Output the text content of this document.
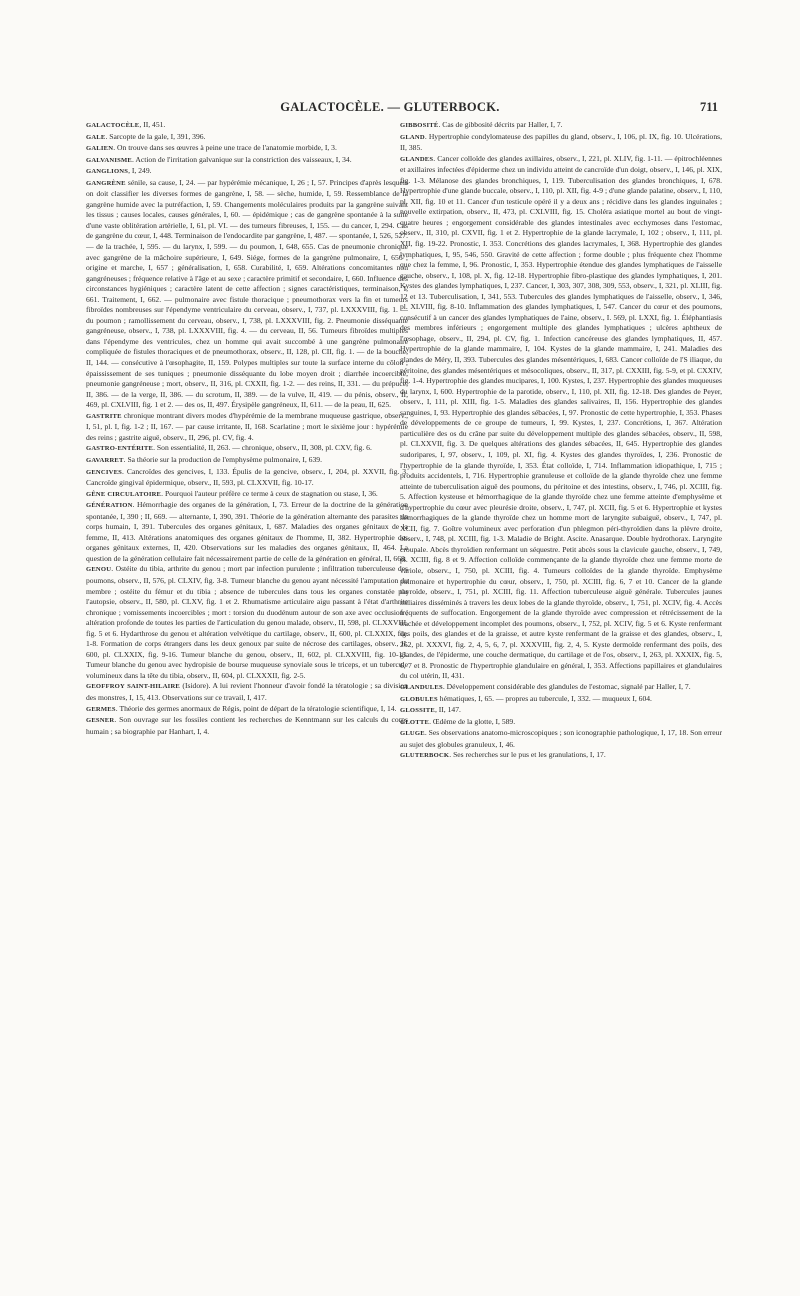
GALACTOCÈLE. — GLUTERBOCK.	711

GALACTOCÈLE, II, 451.

GALE. Sarcopte de la gale, I, 391, 396.

GALIEN. On trouve dans ses œuvres à peine une trace de l'anatomie morbide, I, 3.

GALVANISME. Action de l'irritation galvanique sur la constriction des vaisseaux, I, 34.

GANGLIONS, I, 249.

GANGRÈNE sénile, sa cause, I, 24. — par hypérémie mécanique, I, 26 ; I, 57. Principes d'après lesquels on doit classifier les diverses formes de gangrène, I, 58. — sèche, humide, I, 59. Ressemblance de la gangrène humide avec la putréfaction, I, 59. Changements moléculaires produits par la gangrène suivant les tissus ; causes locales, causes générales, I, 60. — épidémique ; cas de gangrène spontanée à la suite d'une vaste oblitération artérielle, I, 61, pl. VI. — des tumeurs fibreuses, I, 155. — du cancer, I, 294. Cas de gangrène du cœur, I, 448. Terminaison de l'endocardite par gangrène, I, 487. — spontanée, I, 526, 527. — de la trachée, I, 595. — du larynx, I, 599. — du poumon, I, 648, 655. Cas de pneumonie chronique avec gangrène de la mâchoire supérieure, I, 649. Siége, formes de la gangrène pulmonaire, I, 656 ; origine et marche, I, 657 ; généralisation, I, 658. Curabilité, I, 659. Altérations concomitantes non gangréneuses ; fréquence relative à l'âge et au sexe ; caractère primitif et secondaire, I, 660. Influence des circonstances hygiéniques ; caractère latent de cette affection ; signes caractéristiques, terminaison, I, 661. Traitement, I, 662. — pulmonaire avec fistule thoracique ; pneumothorax vers la fin et tumeurs fibroïdes nombreuses sur l'épendyme ventriculaire du cerveau, observ., I, 737, pl. LXXXVIII, fig. 1. — du poumon ; ramollissement du cerveau, observ., I, 738, pl. LXXXVIII, fig. 2. Pneumonie disséquante gangréneuse, observ., I, 738, pl. LXXXVIII, fig. 4. — du cerveau, II, 56. Tumeurs fibroïdes multiples dans l'épendyme des ventricules, chez un homme qui avait succombé à une gangrène pulmonaire compliquée de fistules thoraciques et de pneumothorax, observ., II, 128, pl. CII, fig. 1. — de la bouche, II, 144. — consécutive à l'œsophagite, II, 159. Polypes multiples sur toute la surface interne du côlon ; épaississement de ses tuniques ; pneumonie disséquante du lobe moyen droit ; diarrhée incoercible, pneumonie gangréneuse ; mort, observ., II, 316, pl. CXXII, fig. 1-2. — des reins, II, 331. — du prépuce, II, 386. — de la verge, II, 386. — du scrotum, II, 389. — de la vulve, II, 419. — du pénis, observ., II, 469, pl. CXLVIII, fig. 1 et 2. — des os, II, 497. Érysipèle gangréneux, II, 611. — de la peau, II, 625.

GASTRITE chronique montrant divers modes d'hypérémie de la membrane muqueuse gastrique, observ., I, 51, pl. I, fig. 1-2 ; II, 167. — par cause irritante, II, 168. Scarlatine ; mort le sixième jour : hypérémie des reins ; gastrite aiguë, observ., II, 296, pl. CV, fig. 4.

GASTRO-ENTÉRITE. Son essentialité, II, 263. — chronique, observ., II, 308, pl. CXV, fig. 6.

GAVARRET. Sa théorie sur la production de l'emphysème pulmonaire, I, 639.

GENCIVES. Cancroïdes des gencives, I, 133. Épulis de la gencive, observ., I, 204, pl. XXVII, fig. 3. Cancroïde gingival épidermique, observ., II, 593, pl. CLXXVII, fig. 10-17.

GÊNE CIRCULATOIRE. Pourquoi l'auteur préfère ce terme à ceux de stagnation ou stase, I, 36.

GÉNÉRATION. Hémorrhagie des organes de la génération, I, 73. Erreur de la doctrine de la génération spontanée, I, 390 ; II, 669. — alternante, I, 390, 391. Théorie de la génération alternante des parasites du corps humain, I, 391. Tubercules des organes génitaux, I, 687. Maladies des organes génitaux de la femme, II, 413. Altérations anatomiques des organes génitaux de l'homme, II, 382. Hypertrophie des organes génitaux externes, II, 420. Observations sur les maladies des organes génitaux, II, 464. La question de la génération cellulaire fait nécessairement partie de celle de la génération en général, II, 668.

GENOU. Ostéite du tibia, arthrite du genou ; mort par infection purulente ; infiltration tuberculeuse des poumons, observ., II, 576, pl. CLXIV, fig. 3-8. Tumeur blanche du genou ayant nécessité l'amputation du membre ; ostéite du fémur et du tibia ; absence de tubercules dans tous les organes constatée par l'autopsie, observ., II, 580, pl. CLXV, fig. 1 et 2. Rhumatisme articulaire aigu passant à l'état d'arthrite chronique ; vomissements incoercibles ; mort : torsion du duodénum autour de son axe avec occlusion ; altération profonde de toutes les parties de l'articulation du genou malade, observ., II, 598, pl. CLXXVIII, fig. 5 et 6. Hydarthrose du genou et altération velvétique du cartilage, observ., II, 600, pl. CLXXIX, fig. 1-8. Formation de corps étrangers dans les deux genoux par suite de nécrose des cartilages, observ., II, 600, pl. CLXXIX, fig. 9-16. Tumeur blanche du genou, observ., II, 602, pl. CLXXVIII, fig. 10-13. Tumeur blanche du genou avec hydropisie de bourse muqueuse synoviale sous le triceps, et un tubercule volumineux dans la tête du tibia, observ., II, 604, pl. CLXXXII, fig. 2-5.

GEOFFROY SAINT-HILAIRE (Isidore). A lui revient l'honneur d'avoir fondé la tératologie ; sa division des monstres, I, 15, 413. Observations sur ce travail, I, 417.

GERMES. Théorie des germes anormaux de Régis, point de départ de la tératologie scientifique, I, 14.

GESNER. Son ouvrage sur les fossiles contient les recherches de Kenntmann sur les calculs du corps humain ; sa biographie par Hanhart, I, 4.

GIBBOSITÉ. Cas de gibbosité décrits par Haller, I, 7.

GLAND. Hypertrophie condylomateuse des papilles du gland, observ., I, 106, pl. IX, fig. 10. Ulcérations, II, 385.

GLANDES. Cancer colloïde des glandes axillaires, observ., I, 221, pl. XLIV, fig. 1-11. — épitrochléennes et axillaires infectées d'épiderme chez un individu atteint de cancroïde d'un doigt, observ., I, 146, pl. XIX, fig. 1-3. Mélanose des glandes bronchiques, I, 119. Tuberculisation des glandes bronchiques, I, 678. Hypertrophie d'une glande buccale, observ., I, 110, pl. XII, fig. 4-9 ; d'une glande palatine, observ., I, 110, pl. XII, fig. 10 et 11. Cancer d'un testicule opéré il y a deux ans ; récidive dans les glandes inguinales ; nouvelle extirpation, observ., II, 473, pl. CXLVIII, fig. 15. Choléra asiatique mortel au bout de vingt-quatre heures ; engorgement considérable des glandes intestinales avec ecchymoses dans l'estomac, observ., II, 310, pl. CXVII, fig. 1 et 2. Hypertrophie de la glande lacrymale, I, 102 ; observ., I, 111, pl. XII, fig. 19-22. Pronostic, I. 353. Concrétions des glandes lacrymales, I, 368. Hypertrophie des glandes lymphatiques, I, 95, 546, 550. Gravité de cette affection ; forme double ; plus fréquente chez l'homme que chez la femme, I, 96. Pronostic, I, 353. Hypertrophie étendue des glandes lymphatiques de l'aisselle gauche, observ., I, 108, pl. X, fig. 12-18. Hypertrophie fibro-plastique des glandes lymphatiques, I, 201. Kystes des glandes lymphatiques, I, 237. Cancer, I, 303, 307, 308, 309, 553, observ., I, 321, pl. XLIII, fig. 12 et 13. Tuberculisation, I, 341, 553. Tubercules des glandes lymphatiques de l'aisselle, observ., I, 346, pl. XLVIII, fig. 8-10. Inflammation des glandes lymphatiques, I, 547. Cancer du cœur et des poumons, consécutif à un cancer des glandes lymphatiques de l'aine, observ., I. 569, pl. LXXI, fig. 1. Éléphantiasis des membres inférieurs ; engorgement multiple des glandes lymphatiques ; ulcères aphtheux de l'œsophage, observ., II, 294, pl. CV, fig. 1. Infection cancéreuse des glandes lymphatiques, II, 457. Hypertrophie de la glande mammaire, I, 104. Kystes de la glande mammaire, I, 241. Maladies des glandes de Méry, II, 393. Tubercules des glandes mésentériques, I, 683. Cancer colloïde de l'S iliaque, du péritoine, des glandes mésentériques et mésocoliques, observ., II, 317, pl. CXXIII, fig. 5-9, et pl. CXXIV, fig. 1-4. Hypertrophie des glandes mucipares, I, 100. Kystes, I, 237. Hypertrophie des glandes muqueuses du larynx, I, 600. Hypertrophie de la parotide, observ., I, 110, pl. XII, fig. 12-18. Des glandes de Peyer, observ., I, 111, pl. XIII, fig. 1-5. Maladies des glandes salivaires, II, 156. Hypertrophie des glandes sanguines, I, 93. Hypertrophie des glandes sébacées, I, 97. Pronostic de cette hypertrophie, I, 353. Phases de développements de ce groupe de tumeurs, I, 99. Kystes, I, 237. Concrétions, I, 367. Altération particulière des os du crâne par suite du développement multiple des glandes sébacées, observ., II, 598, pl. CLXXVII, fig. 3. De quelques altérations des glandes sébacées, II, 645. Hypertrophie des glandes sudoripares, I, 97, observ., I, 109, pl. XI, fig. 4. Kystes des glandes thyroïdes, I, 236. Pronostic de l'hypertrophie de la glande thyroïde, I, 353. État colloïde, I, 714. Inflammation idiopathique, I, 715 ; produits accidentels, I, 716. Hypertrophie granuleuse et colloïde de la glande thyroïde chez une femme atteinte de tuberculisation aiguë des poumons, du péritoine et des intestins, observ., I, 746, pl. XCIII, fig. 5. Affection kysteuse et hémorrhagique de la glande thyroïde chez une femme atteinte d'emphysème et d'hypertrophie du cœur avec pleurésie droite, observ., I, 747, pl. XCII, fig. 5 et 6. Hypertrophie et kystes hémorrhagiques de la glande thyroïde chez un homme mort de laryngite subaiguë, observ., I, 747, pl. XCII, fig. 7. Goître volumineux avec perforation d'un phlegmon péri-thyroïdien dans la plèvre droite, observ., I, 748, pl. XCIII, fig. 1-3. Maladie de Bright. Ascite. Anasarque. Double hydrothorax. Laryngite croupale. Abcès thyroïdien renfermant un séquestre. Petit abcès sous la clavicule gauche, observ., I, 749, pl. XCIII, fig. 8 et 9. Affection colloïde commençante de la glande thyroïde chez une femme morte de variole, observ., I, 750, pl. XCIII, fig. 4. Tumeurs colloïdes de la glande thyroïde. Emphysème pulmonaire et hypertrophie du cœur, observ., I, 750, pl. XCIII, fig. 6, 7 et 10. Cancer de la glande thyroïde, observ., I, 751, pl. XCIII, fig. 11. Affection tuberculeuse aiguë générale. Tubercules jaunes miliaires disséminés à travers les deux lobes de la glande thyroïde, observ., I, 751, pl. XCIV, fig. 4. Accès fréquents de suffocation. Engorgement de la glande thyroïde avec compression et rétrécissement de la trachée et développement incomplet des poumons, observ., I, 752, pl. XCIV, fig. 5 et 6. Kyste renfermant des poils, des glandes et de la graisse, et autre kyste renfermant de la graisse et des glandes, observ., I, 262, pl. XXXVI, fig. 2, 4, 5, 6, 7, pl. XXXVIII, fig. 2, 4, 5. Kyste dermoïde renfermant des poils, des glandes, de l'épiderme, une couche dermatique, du cartilage et de l'os, observ., I, 263, pl. XXXIX, fig. 5, 6, 7 et 8. Pronostic de l'hypertrophie glandulaire en général, I, 353. Affections papillaires et glandulaires du col utérin, II, 431.

GLANDULES. Développement considérable des glandules de l'estomac, signalé par Haller, I, 7.

GLOBULES hématiques, I, 65. — propres au tubercule, I, 332. — muqueux I, 604.

GLOSSITE, II, 147.

GLOTTE. Œdème de la glotte, I, 589.

GLUGE. Ses observations anatomo-microscopiques ; son iconographie pathologique, I, 17, 18. Son erreur au sujet des globules granuleux, I, 46.

GLUTERBOCK. Ses recherches sur le pus et les granulations, I, 17.
